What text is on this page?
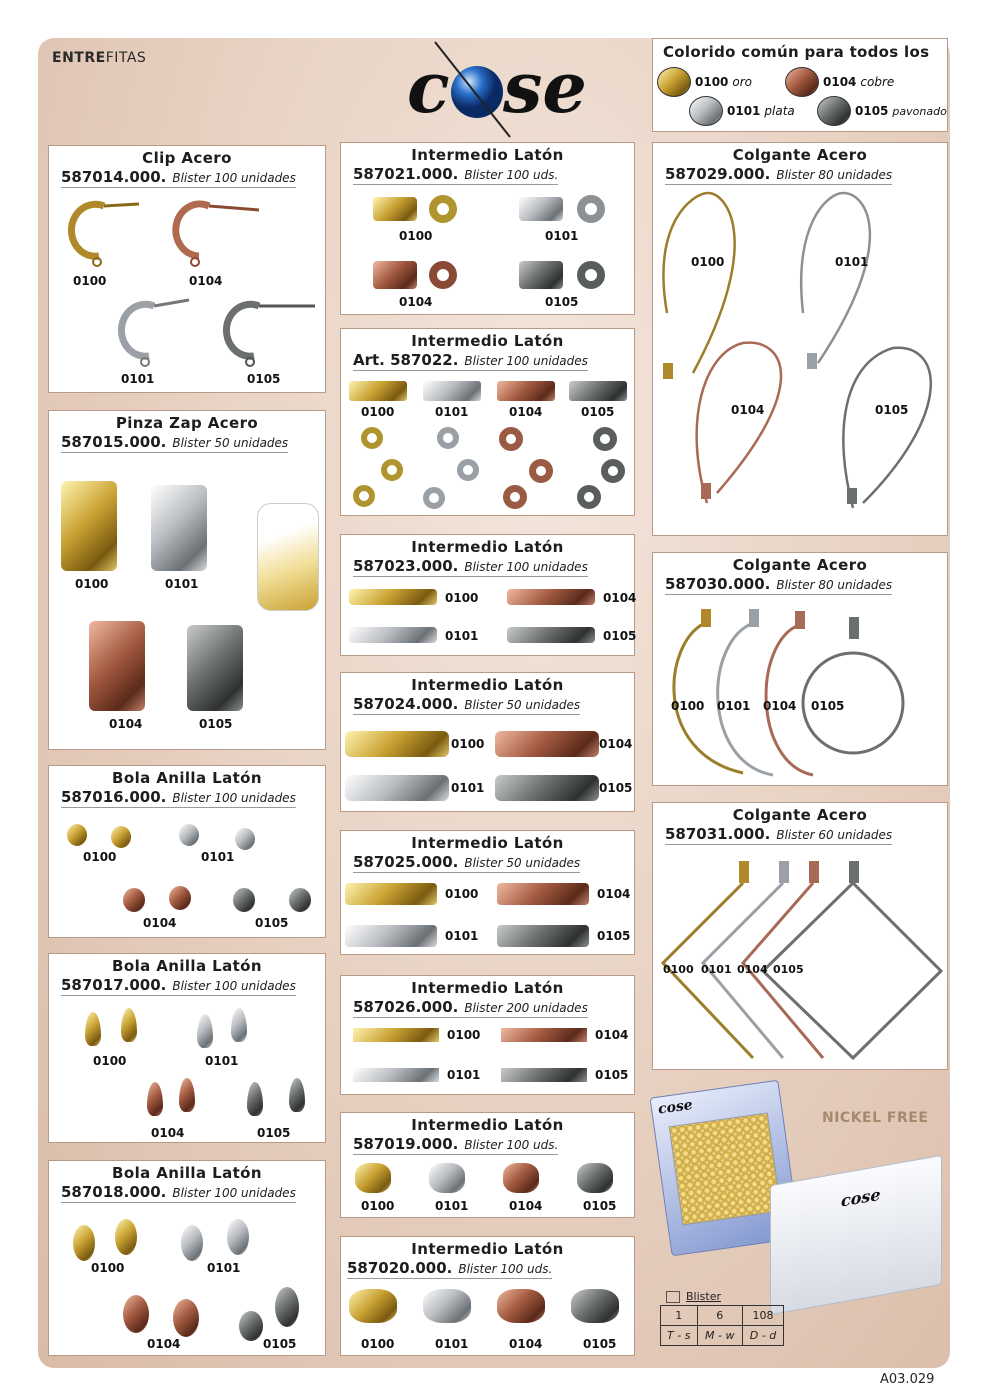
ENTREFITAS	c se	Colorido común para todos los
0100 oro	0104 cobre
0101 plata	0105 pavonado
Clip Acero
587014.000. Blister 100 unidades
0100	0104
0101	0105
Pinza Zap Acero
587015.000. Blister 50 unidades
0100	0101
0104	0105
Bola Anilla Latón
587016.000. Blister 100 unidades
0100	0101
0104	0105
Bola Anilla Latón
587017.000. Blister 100 unidades
0100	0101
0104	0105
Bola Anilla Latón
587018.000. Blister 100 unidades
0100	0101
0104	0105
Intermedio Latón
587021.000. Blister 100 uds.
0100	0101
0104	0105
Intermedio Latón
Art. 587022. Blister 100 unidades
0100	0101	0104	0105
Intermedio Latón
587023.000. Blister 100 unidades
0100	0104
0101	0105
Intermedio Latón
587024.000. Blister 50 unidades
0100	0104
0101	0105
Intermedio Latón
587025.000. Blister 50 unidades
0100	0104
0101	0105
Intermedio Latón
587026.000. Blister 200 unidades
0100	0104
0101	0105
Intermedio Latón
587019.000. Blister 100 uds.
0100	0101	0104	0105
Intermedio Latón
587020.000. Blister 100 uds.
0100	0101	0104	0105
Colgante Acero
587029.000. Blister 80 unidades
0100	0101
0104	0105
Colgante Acero
587030.000. Blister 80 unidades
0100 0101 0104 0105
Colgante Acero
587031.000. Blister 60 unidades
0100 0101 0104 0105
cose
cose
NICKEL FREE
Blister
1	6	108
T - s	M - w	D - d
A03.029
